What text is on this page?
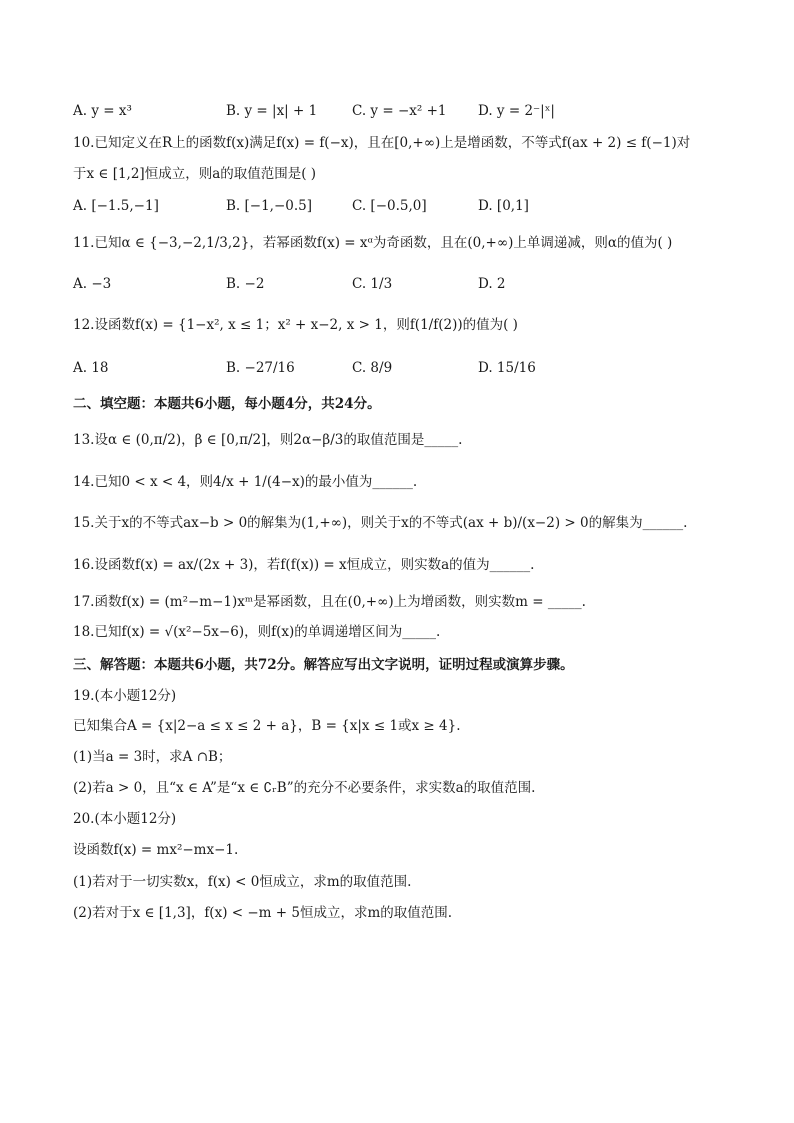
A. y = x³	B. y = |x| + 1	C. y = −x² +1 D. y = 2⁻|ˣ|
10.已知定义在R上的函数f(x)满足f(x) = f(−x)，且在[0,+∞)上是增函数，不等式f(ax + 2) ≤ f(−1)对
于x ∈ [1,2]恒成立，则a的取值范围是( )
A. [−1.5,−1]	B. [−1,−0.5]	C. [−0.5,0]	D. [0,1]
11.已知α ∈ {−3,−2,1/3,2}，若幂函数f(x) = xᵅ为奇函数，且在(0,+∞)上单调递减，则α的值为( )
A. −3	B. −2	C. 1/3	D. 2
12.设函数f(x) = {1−x², x ≤ 1；x² + x−2, x > 1，则f(1/f(2))的值为( )
A. 18	B. −27/16	C. 8/9	D. 15/16
二、填空题：本题共6小题，每小题4分，共24分。
13.设α ∈ (0,π/2)，β ∈ [0,π/2]，则2α−β/3的取值范围是_____.
14.已知0 < x < 4，则4/x + 1/(4−x)的最小值为______.
15.关于x的不等式ax−b > 0的解集为(1,+∞)，则关于x的不等式(ax + b)/(x−2) > 0的解集为______.
16.设函数f(x) = ax/(2x + 3)，若f(f(x)) = x恒成立，则实数a的值为______.
17.函数f(x) = (m²−m−1)xᵐ是幂函数，且在(0,+∞)上为增函数，则实数m = _____.
18.已知f(x) = √(x²−5x−6)，则f(x)的单调递增区间为_____.
三、解答题：本题共6小题，共72分。解答应写出文字说明，证明过程或演算步骤。
19.(本小题12分)
已知集合A = {x|2−a ≤ x ≤ 2 + a}，B = {x|x ≤ 1或x ≥ 4}.
(1)当a = 3时，求A ∩B；
(2)若a > 0，且“x ∈ A”是“x ∈ ∁ᵣB”的充分不必要条件，求实数a的取值范围.
20.(本小题12分)
设函数f(x) = mx²−mx−1.
(1)若对于一切实数x，f(x) < 0恒成立，求m的取值范围.
(2)若对于x ∈ [1,3]，f(x) < −m + 5恒成立，求m的取值范围.
